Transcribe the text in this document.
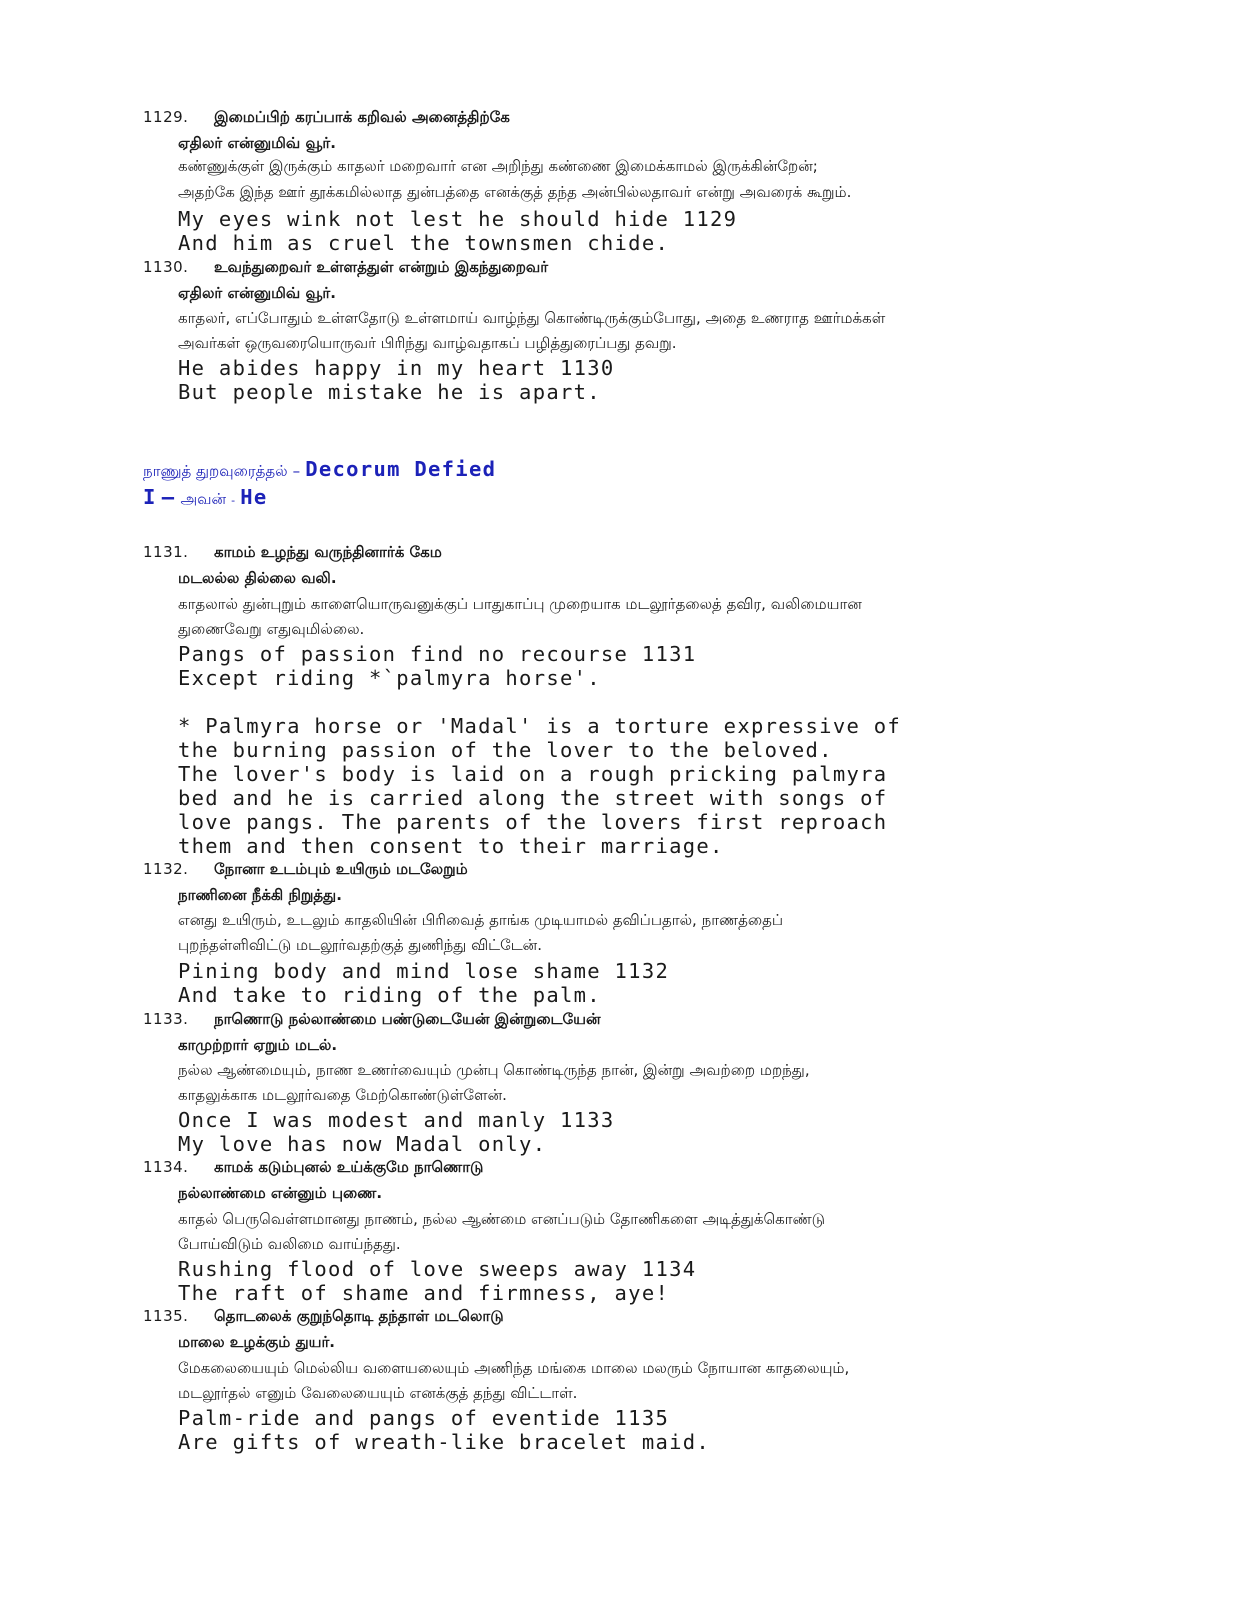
1129. இமைப்பிற் கரப்பாக் கறிவல் அனைத்திற்கே
ஏதிலர் என்னுமிவ் வூர்.
கண்ணுக்குள் இருக்கும் காதலர் மறைவார் என அறிந்து கண்ணை இமைக்காமல் இருக்கின்றேன்;
அதற்கே இந்த ஊர் தூக்கமில்லாத துன்பத்தை எனக்குத் தந்த அன்பில்லதாவர் என்று அவரைக் கூறும்.
My eyes wink not lest he should hide 1129
And him as cruel the townsmen chide.
1130. உவந்துறைவர் உள்ளத்துள் என்றும் இகந்துறைவர்
ஏதிலர் என்னுமிவ் வூர்.
காதலர், எப்போதும் உள்ளதோடு உள்ளமாய் வாழ்ந்து கொண்டிருக்கும்போது, அதை உணராத ஊர்மக்கள்
அவர்கள் ஒருவரையொருவர் பிரிந்து வாழ்வதாகப் பழித்துரைப்பது தவறு.
He abides happy in my heart 1130
But people mistake he is apart.
நாணுத் துறவுரைத்தல் – Decorum Defied
I – அவன் - He
1131. காமம் உழந்து வருந்தினார்க் கேம
மடலல்ல தில்லை வலி.
காதலால் துன்புறும் காளையொருவனுக்குப் பாதுகாப்பு முறையாக மடலூர்தலைத் தவிர, வலிமையான
துணைவேறு எதுவுமில்லை.
Pangs of passion find no recourse 1131
Except riding *`palmyra horse'.
* Palmyra horse or 'Madal' is a torture expressive of
the burning passion of the lover to the beloved.
The lover's body is laid on a rough pricking palmyra
bed and he is carried along the street with songs of
love pangs. The parents of the lovers first reproach
them and then consent to their marriage.
1132. நோனா உடம்பும் உயிரும் மடலேறும்
நாணினை நீக்கி நிறுத்து.
எனது உயிரும், உடலும் காதலியின் பிரிவைத் தாங்க முடியாமல் தவிப்பதால், நாணத்தைப்
புறந்தள்ளிவிட்டு மடலூர்வதற்குத் துணிந்து விட்டேன்.
Pining body and mind lose shame 1132
And take to riding of the palm.
1133. நாணொடு நல்லாண்மை பண்டுடையேன் இன்றுடையேன்
காமுற்றார் ஏறும் மடல்.
நல்ல ஆண்மையும், நாண உணர்வையும் முன்பு கொண்டிருந்த நான், இன்று அவற்றை மறந்து,
காதலுக்காக மடலூர்வதை மேற்கொண்டுள்ளேன்.
Once I was modest and manly 1133
My love has now Madal only.
1134. காமக் கடும்புனல் உய்க்குமே நாணொடு
நல்லாண்மை என்னும் புணை.
காதல் பெருவெள்ளமானது நாணம், நல்ல ஆண்மை எனப்படும் தோணிகளை அடித்துக்கொண்டு
போய்விடும் வலிமை வாய்ந்தது.
Rushing flood of love sweeps away 1134
The raft of shame and firmness, aye!
1135. தொடலைக் குறுந்தொடி தந்தாள் மடலொடு
மாலை உழக்கும் துயர்.
மேகலையையும் மெல்லிய வளையலையும் அணிந்த மங்கை மாலை மலரும் நோயான காதலையும்,
மடலூர்தல் எனும் வேலையையும் எனக்குத் தந்து விட்டாள்.
Palm-ride and pangs of eventide 1135
Are gifts of wreath-like bracelet maid.
